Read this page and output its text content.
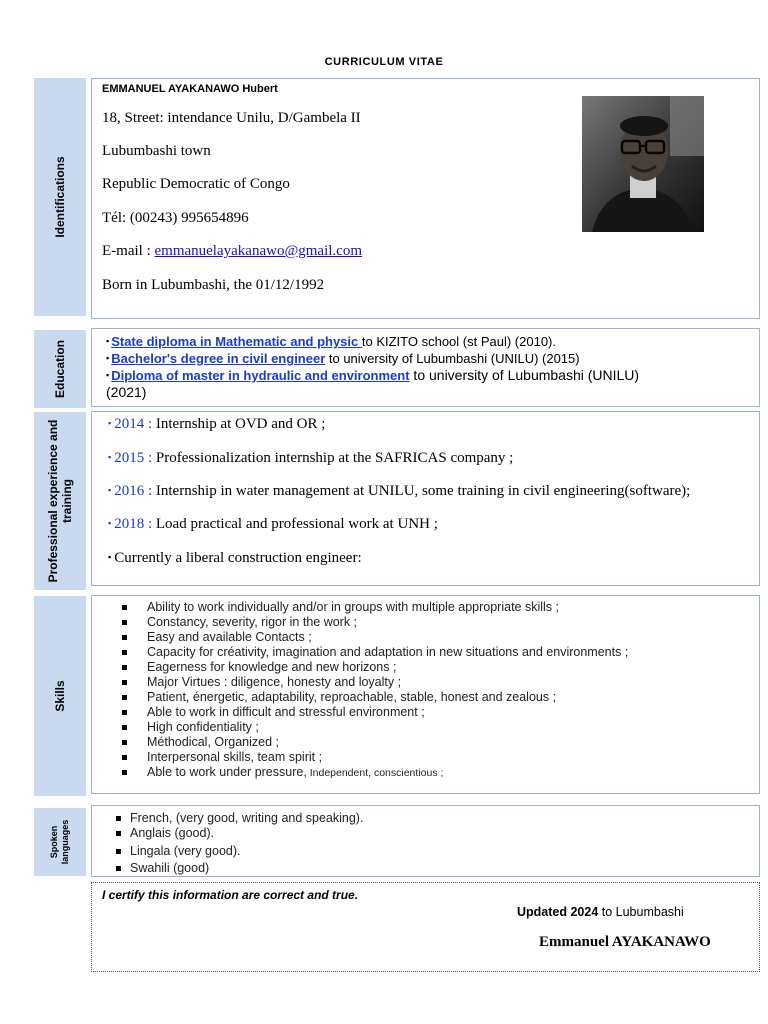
CURRICULUM VITAE
Identifications
EMMANUEL AYAKANAWO Hubert
18, Street: intendance Unilu, D/Gambela II
Lubumbashi town
Republic Democratic of Congo
Tél: (00243) 995654896
E-mail : emmanuelayakanawo@gmail.com
Born in Lubumbashi, the 01/12/1992
Education	▪ State diploma in Mathematic and physic to KIZITO school (st Paul) (2010).
▪ Bachelor's degree in civil engineer to university of Lubumbashi (UNILU) (2015)
▪ Diploma of master in hydraulic and environment to university of Lubumbashi (UNILU)
(2021)
Professional experience and training
▪ 2014 : Internship at OVD and OR ;
▪ 2015 : Professionalization internship at the SAFRICAS company ;
▪ 2016 : Internship in water management at UNILU, some training in civil engineering(software);
▪ 2018 : Load practical and professional work at UNH ;
▪ Currently a liberal construction engineer:
Skills
Ability to work individually and/or in groups with multiple appropriate skills ;
Constancy, severity, rigor in the work ;
Easy and available Contacts ;
Capacity for créativity, imagination and adaptation in new situations and environments ;
Eagerness for knowledge and new horizons ;
Major Virtues : diligence, honesty and loyalty ;
Patient, énergetic, adaptability, reproachable, stable, honest and zealous ;
Able to work in difficult and stressful environment ;
High confidentiality ;
Méthodical, Organized ;
Interpersonal skills, team spirit ;
Able to work under pressure, Independent, conscientious ;
Spoken languages
French, (very good, writing and speaking).
Anglais (good).
Lingala (very good).
Swahili (good)
I certify this information are correct and true.
Updated 2024 to Lubumbashi
Emmanuel AYAKANAWO
